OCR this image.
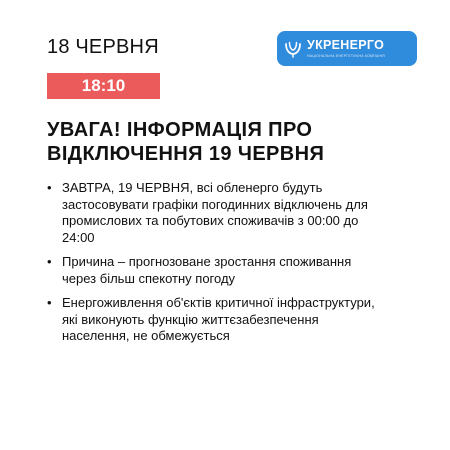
18 ЧЕРВНЯ	УКРЕНЕРГО
НАЦІОНАЛЬНА ЕНЕРГЕТИЧНА КОМПАНІЯ
18:10
УВАГА! ІНФОРМАЦІЯ ПРО ВІДКЛЮЧЕННЯ 19 ЧЕРВНЯ
• ЗАВТРА, 19 ЧЕРВНЯ, всі обленерго будуть застосовувати графіки погодинних відключень для промислових та побутових споживачів з 00:00 до 24:00
• Причина – прогнозоване зростання споживання через більш спекотну погоду
• Енергоживлення об'єктів критичної інфраструктури, які виконують функцію життєзабезпечення населення, не обмежується
